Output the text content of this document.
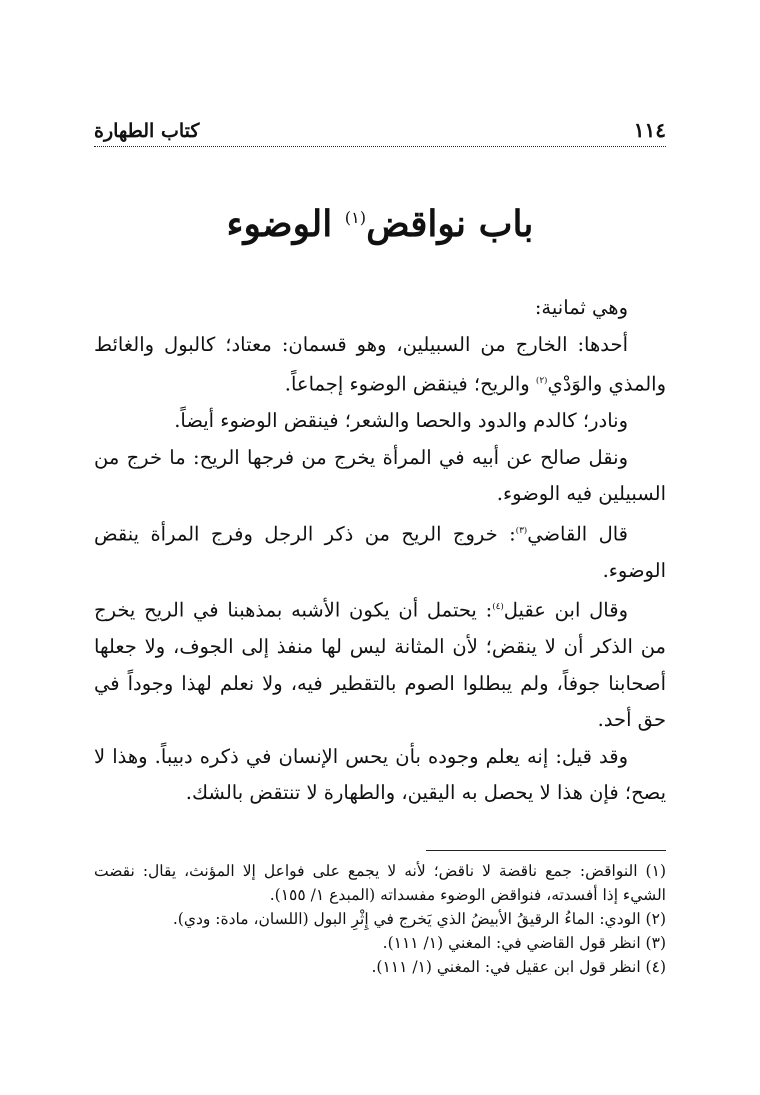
١١٤
كتاب الطهارة
باب نواقض$^{(١)}$ الوضوء

وهي ثمانية:

أحدها: الخارج من السبيلين، وهو قسمان: معتاد؛ كالبول والغائط والمذي والوَدْي$^{(٢)}$ والريح؛ فينقض الوضوء إجماعاً.

ونادر؛ كالدم والدود والحصا والشعر؛ فينقض الوضوء أيضاً.

ونقل صالح عن أبيه في المرأة يخرج من فرجها الريح: ما خرج من السبيلين فيه الوضوء.

قال القاضي$^{(٣)}$: خروج الريح من ذكر الرجل وفرج المرأة ينقض الوضوء.

وقال ابن عقيل$^{(٤)}$: يحتمل أن يكون الأشبه بمذهبنا في الريح يخرج من الذكر أن لا ينقض؛ لأن المثانة ليس لها منفذ إلى الجوف، ولا جعلها أصحابنا جوفاً، ولم يبطلوا الصوم بالتقطير فيه، ولا نعلم لهذا وجوداً في حق أحد.

وقد قيل: إنه يعلم وجوده بأن يحس الإنسان في ذكره دبيباً. وهذا لا يصح؛ فإن هذا لا يحصل به اليقين، والطهارة لا تنتقض بالشك.

(١) النواقض: جمع ناقضة لا ناقض؛ لأنه لا يجمع على فواعل إلا المؤنث، يقال: نقضت الشيء إذا أفسدته، فنواقض الوضوء مفسداته (المبدع ١/ ١٥٥).

(٢) الودي: الماءُ الرقيقُ الأبيضُ الذي يَخرج في إِثْرِ البول (اللسان، مادة: ودي).

(٣) انظر قول القاضي في: المغني (١/ ١١١).

(٤) انظر قول ابن عقيل في: المغني (١/ ١١١).
